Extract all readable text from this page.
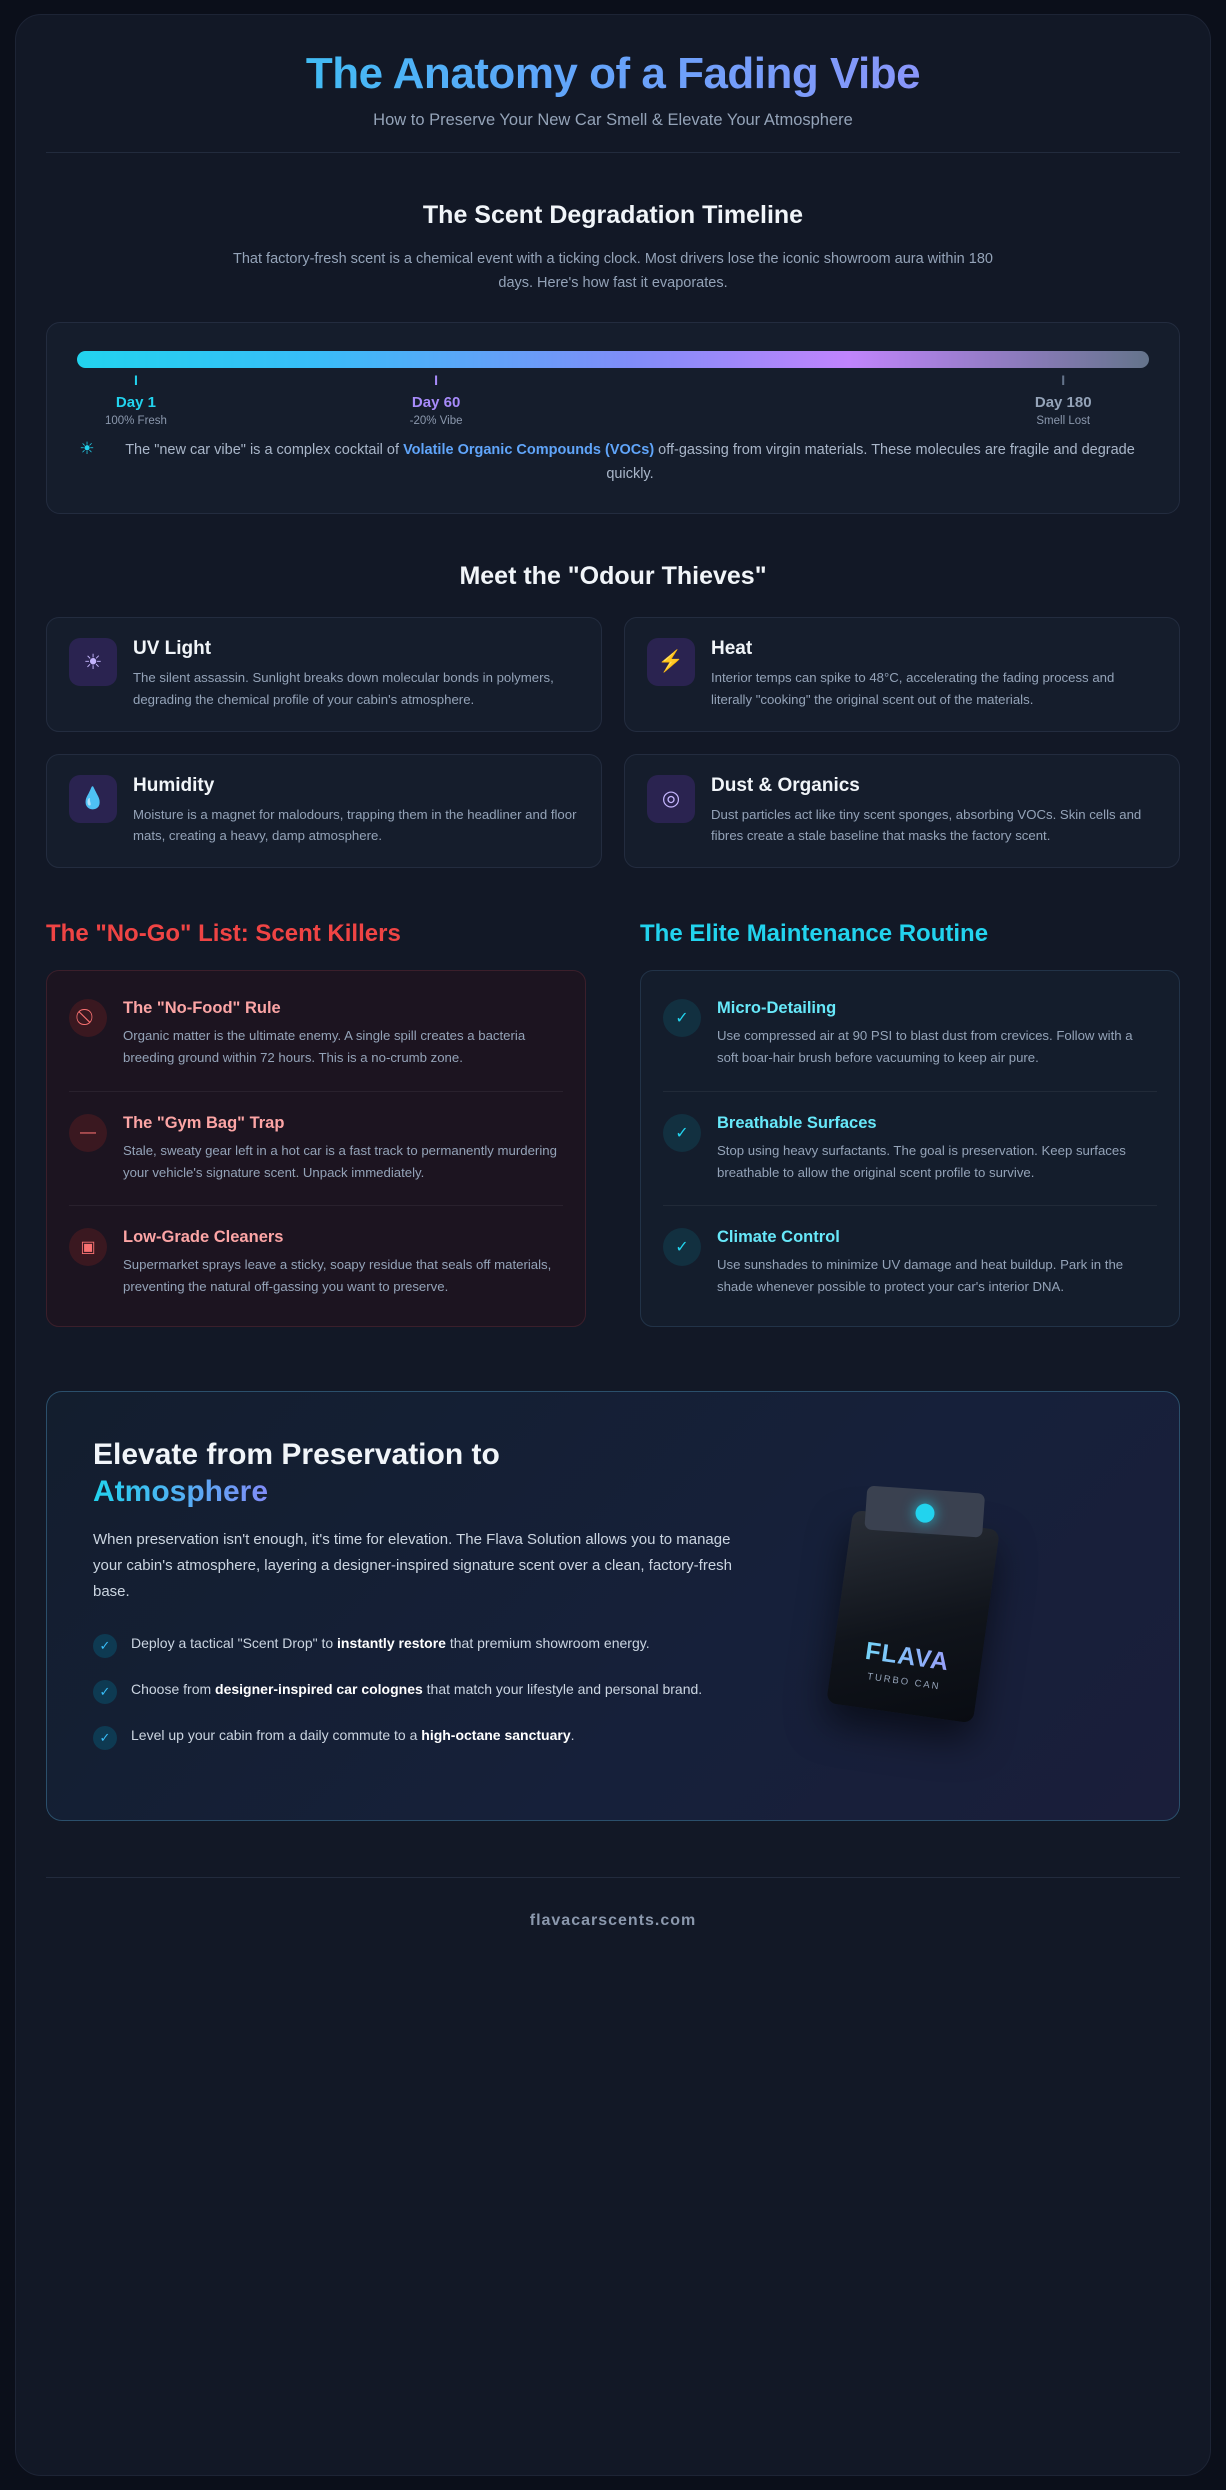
The Anatomy of a Fading Vibe
How to Preserve Your New Car Smell & Elevate Your Atmosphere
The Scent Degradation Timeline
That factory-fresh scent is a chemical event with a ticking clock. Most drivers lose the iconic showroom aura within 180 days. Here's how fast it evaporates.
I
Day 1
100% Fresh
I
Day 60
-20% Vibe
I
Day 180
Smell Lost
☀	The "new car vibe" is a complex cocktail of Volatile Organic Compounds (VOCs) off-gassing from virgin materials. These molecules are fragile and degrade quickly.
Meet the "Odour Thieves"
☀
UV Light

The silent assassin. Sunlight breaks down molecular bonds in polymers, degrading the chemical profile of your cabin's atmosphere.

⚡
Heat

Interior temps can spike to 48°C, accelerating the fading process and literally "cooking" the original scent out of the materials.

💧
Humidity

Moisture is a magnet for malodours, trapping them in the headliner and floor mats, creating a heavy, damp atmosphere.

◎
Dust & Organics

Dust particles act like tiny scent sponges, absorbing VOCs. Skin cells and fibres create a stale baseline that masks the factory scent.

The "No-Go" List: Scent Killers
The "No-Food" Rule

Organic matter is the ultimate enemy. A single spill creates a bacteria breeding ground within 72 hours. This is a no-crumb zone.

—
The "Gym Bag" Trap

Stale, sweaty gear left in a hot car is a fast track to permanently murdering your vehicle's signature scent. Unpack immediately.

▣
Low-Grade Cleaners

Supermarket sprays leave a sticky, soapy residue that seals off materials, preventing the natural off-gassing you want to preserve.

The Elite Maintenance Routine
✓
Micro-Detailing

Use compressed air at 90 PSI to blast dust from crevices. Follow with a soft boar-hair brush before vacuuming to keep air pure.

✓
Breathable Surfaces

Stop using heavy surfactants. The goal is preservation. Keep surfaces breathable to allow the original scent profile to survive.

✓
Climate Control

Use sunshades to minimize UV damage and heat buildup. Park in the shade whenever possible to protect your car's interior DNA.

Elevate from Preservation to
Atmosphere

When preservation isn't enough, it's time for elevation. The Flava Solution allows you to manage your cabin's atmosphere, layering a designer-inspired signature scent over a clean, factory-fresh base.

✓	Deploy a tactical "Scent Drop" to instantly restore that premium showroom energy.

✓	Choose from designer-inspired car colognes that match your lifestyle and personal brand.

✓	Level up your cabin from a daily commute to a high-octane sanctuary.

FLAVA
TURBO CAN
flavacarscents.com
